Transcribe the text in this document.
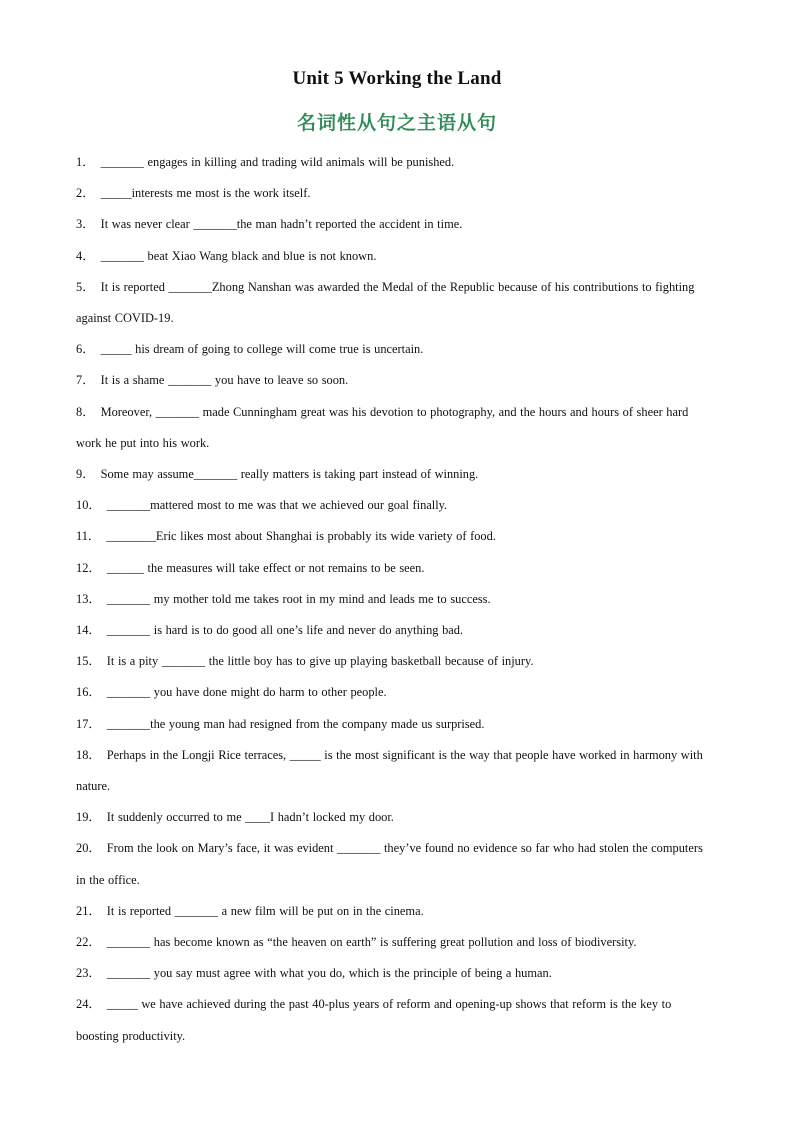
Unit 5 Working the Land
名词性从句之主语从句
1． _______ engages in killing and trading wild animals will be punished.
2． _____interests me most is the work itself.
3． It was never clear _______the man hadn’t reported the accident in time.
4． _______ beat Xiao Wang black and blue is not known.
5． It is reported _______Zhong Nanshan was awarded the Medal of the Republic because of his contributions to fighting against COVID-19.
6． _____ his dream of going to college will come true is uncertain.
7． It is a shame _______ you have to leave so soon.
8． Moreover, _______ made Cunningham great was his devotion to photography, and the hours and hours of sheer hard work he put into his work.
9． Some may assume_______ really matters is taking part instead of winning.
10． _______mattered most to me was that we achieved our goal finally.
11． ________Eric likes most about Shanghai is probably its wide variety of food.
12． ______ the measures will take effect or not remains to be seen.
13． _______ my mother told me takes root in my mind and leads me to success.
14． _______ is hard is to do good all one’s life and never do anything bad.
15． It is a pity _______ the little boy has to give up playing basketball because of injury.
16． _______ you have done might do harm to other people.
17． _______the young man had resigned from the company made us surprised.
18． Perhaps in the Longji Rice terraces, _____ is the most significant is the way that people have worked in harmony with nature.
19． It suddenly occurred to me ____I hadn’t locked my door.
20． From the look on Mary’s face, it was evident _______ they’ve found no evidence so far who had stolen the computers in the office.
21． It is reported _______ a new film will be put on in the cinema.
22． _______ has become known as “the heaven on earth” is suffering great pollution and loss of biodiversity.
23． _______ you say must agree with what you do, which is the principle of being a human.
24． _____ we have achieved during the past 40-plus years of reform and opening-up shows that reform is the key to boosting productivity.
